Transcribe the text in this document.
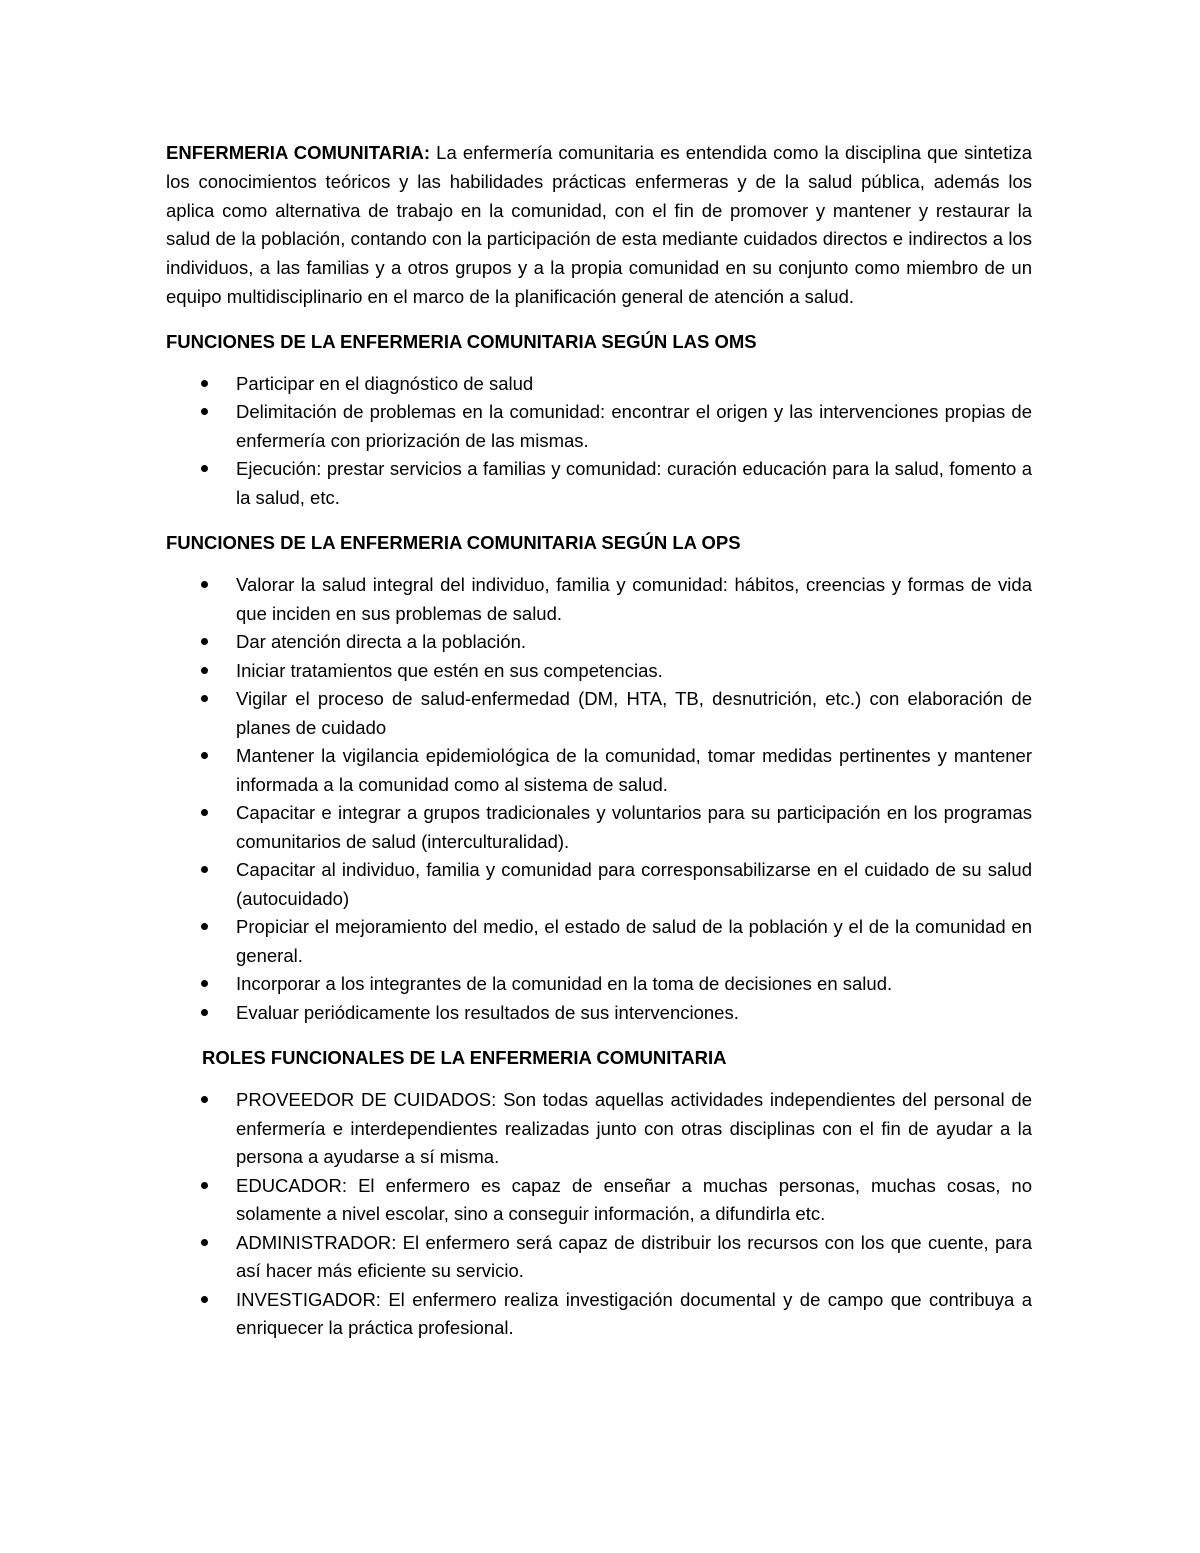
ENFERMERIA COMUNITARIA: La enfermería comunitaria es entendida como la disciplina que sintetiza los conocimientos teóricos y las habilidades prácticas enfermeras y de la salud pública, además los aplica como alternativa de trabajo en la comunidad, con el fin de promover y mantener y restaurar la salud de la población, contando con la participación de esta mediante cuidados directos e indirectos a los individuos, a las familias y a otros grupos y a la propia comunidad en su conjunto como miembro de un equipo multidisciplinario en el marco de la planificación general de atención a salud.

FUNCIONES DE LA ENFERMERIA COMUNITARIA SEGÚN LAS OMS
Participar en el diagnóstico de salud
Delimitación de problemas en la comunidad: encontrar el origen y las intervenciones propias de enfermería con priorización de las mismas.
Ejecución: prestar servicios a familias y comunidad: curación educación para la salud, fomento a la salud, etc.
FUNCIONES DE LA ENFERMERIA COMUNITARIA SEGÚN LA OPS
Valorar la salud integral del individuo, familia y comunidad: hábitos, creencias y formas de vida que inciden en sus problemas de salud.
Dar atención directa a la población.
Iniciar tratamientos que estén en sus competencias.
Vigilar el proceso de salud-enfermedad (DM, HTA, TB, desnutrición, etc.) con elaboración de planes de cuidado
Mantener la vigilancia epidemiológica de la comunidad, tomar medidas pertinentes y mantener informada a la comunidad como al sistema de salud.
Capacitar e integrar a grupos tradicionales y voluntarios para su participación en los programas comunitarios de salud (interculturalidad).
Capacitar al individuo, familia y comunidad para corresponsabilizarse en el cuidado de su salud (autocuidado)
Propiciar el mejoramiento del medio, el estado de salud de la población y el de la comunidad en general.
Incorporar a los integrantes de la comunidad en la toma de decisiones en salud.
Evaluar periódicamente los resultados de sus intervenciones.
ROLES FUNCIONALES DE LA ENFERMERIA COMUNITARIA
PROVEEDOR DE CUIDADOS: Son todas aquellas actividades independientes del personal de enfermería e interdependientes realizadas junto con otras disciplinas con el fin de ayudar a la persona a ayudarse a sí misma.
EDUCADOR: El enfermero es capaz de enseñar a muchas personas, muchas cosas, no solamente a nivel escolar, sino a conseguir información, a difundirla etc.
ADMINISTRADOR: El enfermero será capaz de distribuir los recursos con los que cuente, para así hacer más eficiente su servicio.
INVESTIGADOR: El enfermero realiza investigación documental y de campo que contribuya a enriquecer la práctica profesional.
